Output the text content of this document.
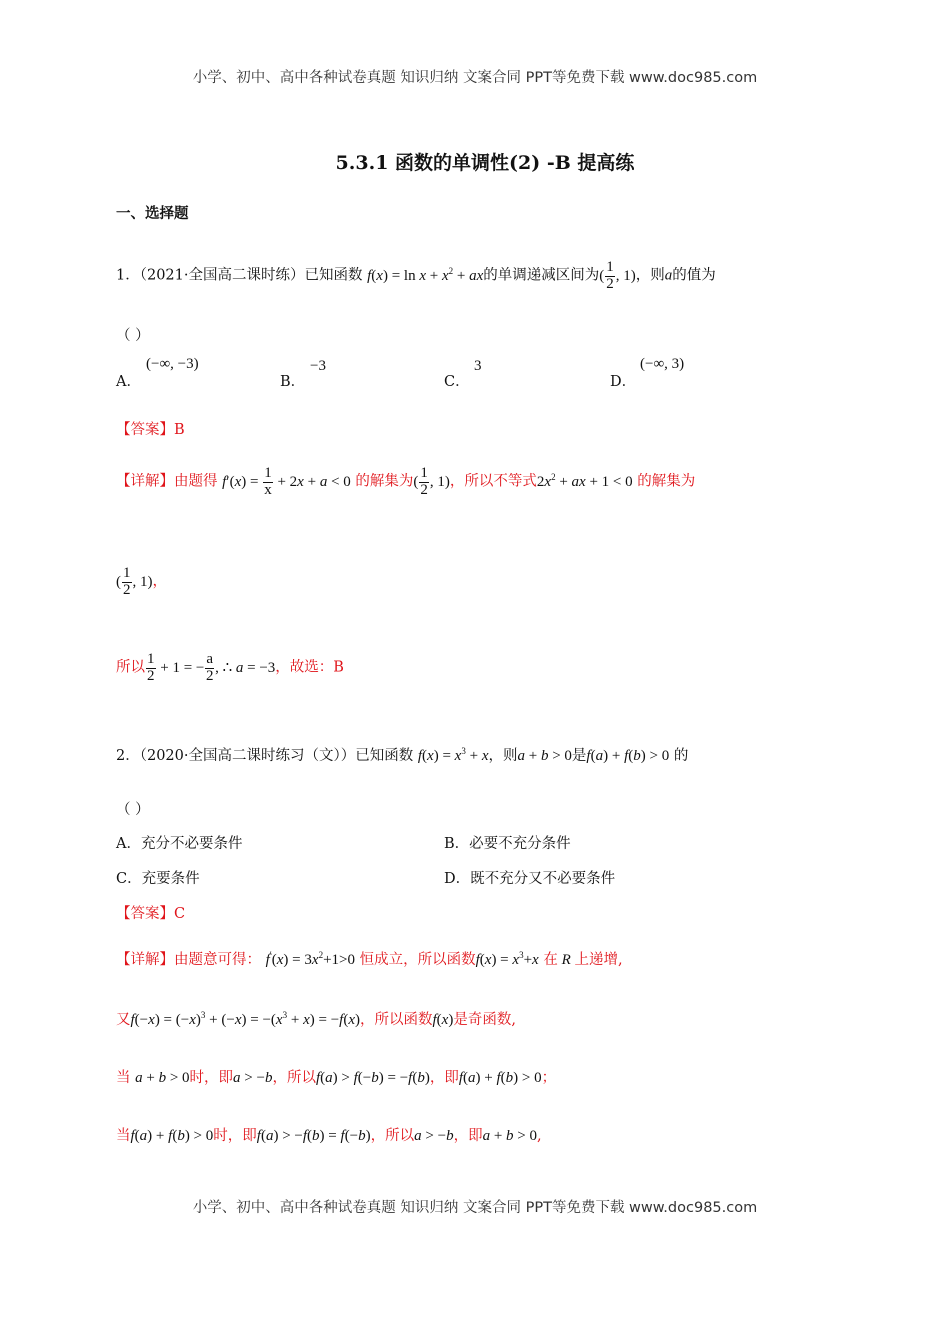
小学、初中、高中各种试卷真题 知识归纳 文案合同 PPT等免费下载 www.doc985.com
5.3.1 函数的单调性(2) -B 提高练
一、选择题
1．（2021·全国高二课时练）已知函数 $f(x) = \ln x + x^2$ + ax的单调递减区间为( $\frac{1}{2}$ , 1)，则a的值为
（ ）
A．
(−∞, −3)
B．
−3
C．
3
D．
(−∞, 3)
【答案】B
【详解】由题得 $f'(x) = \frac{1}{x} + 2x + a < 0$ 的解集为( $\frac{1}{2}$ , 1)，所以不等式$2x^2$ + ax + 1 < 0 的解集为
( $\frac{1}{2}$ , 1)，
所以 $\frac{1}{2} + 1$ = − $\frac{a}{2}$ , ∴ a = −3，故选：B
2．（2020·全国高二课时练习（文））已知函数 $f(x) = x^3 + x$，则a + b > 0是f(a) + f(b) > 0 的
（ ）
A．充分不必要条件	B．必要不充分条件
C．充要条件	D．既不充分又不必要条件
【答案】C
【详解】由题意可得： $f'(x) = 3x^2+1>0$ 恒成立，所以函数$f(x) = x^3+x$ 在 R 上递增,
又$f(-x) = (-x)^3 + (-x) = -(x^3 + x) = -f(x)$，所以函数f(x)是奇函数,
当 a + b > 0时，即a > −b，所以f(a) > f(−b) = −f(b)，即f(a) + f(b) > 0；
当f(a) + f(b) > 0时，即f(a) > −f(b) = f(−b)，所以a > −b，即a + b > 0,
小学、初中、高中各种试卷真题 知识归纳 文案合同 PPT等免费下载 www.doc985.com
